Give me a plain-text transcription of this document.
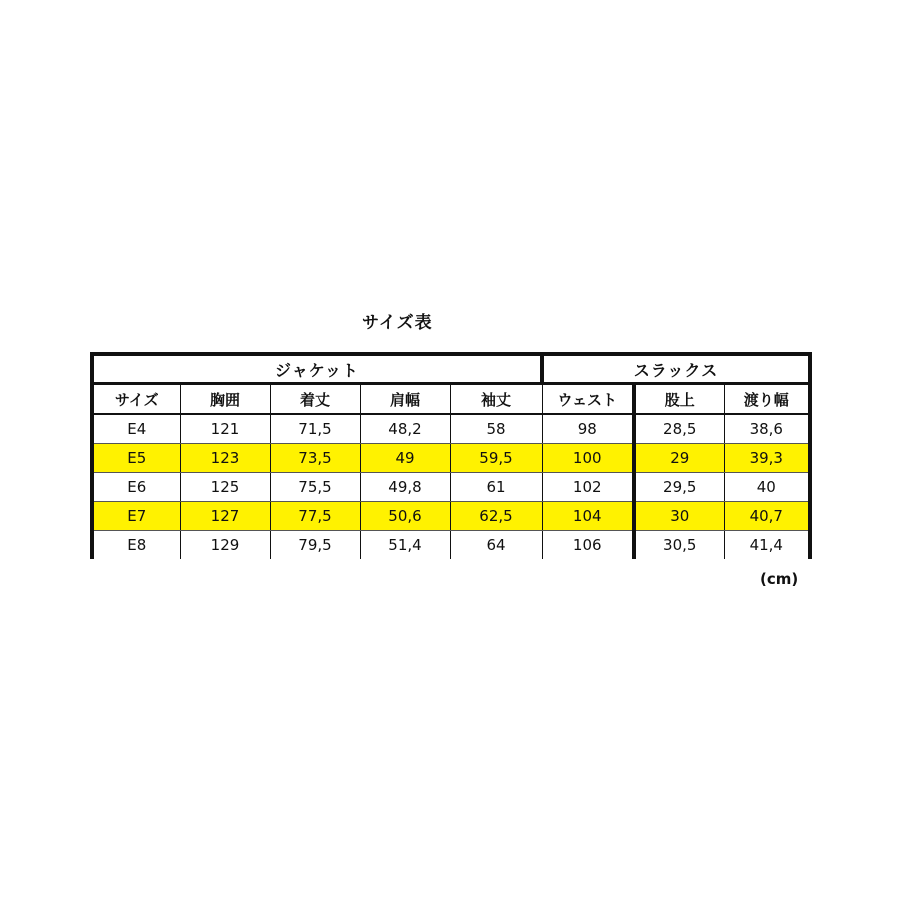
サイズ表
ジャケット					スラックス		
サイズ	胸囲	着丈	肩幅	袖丈	ウェスト	股上	渡り幅
E4	121	71,5	48,2	58	98	28,5	38,6
E5	123	73,5	49	59,5	100	29	39,3
E6	125	75,5	49,8	61	102	29,5	40
E7	127	77,5	50,6	62,5	104	30	40,7
E8	129	79,5	51,4	64	106	30,5	41,4
(cm)
